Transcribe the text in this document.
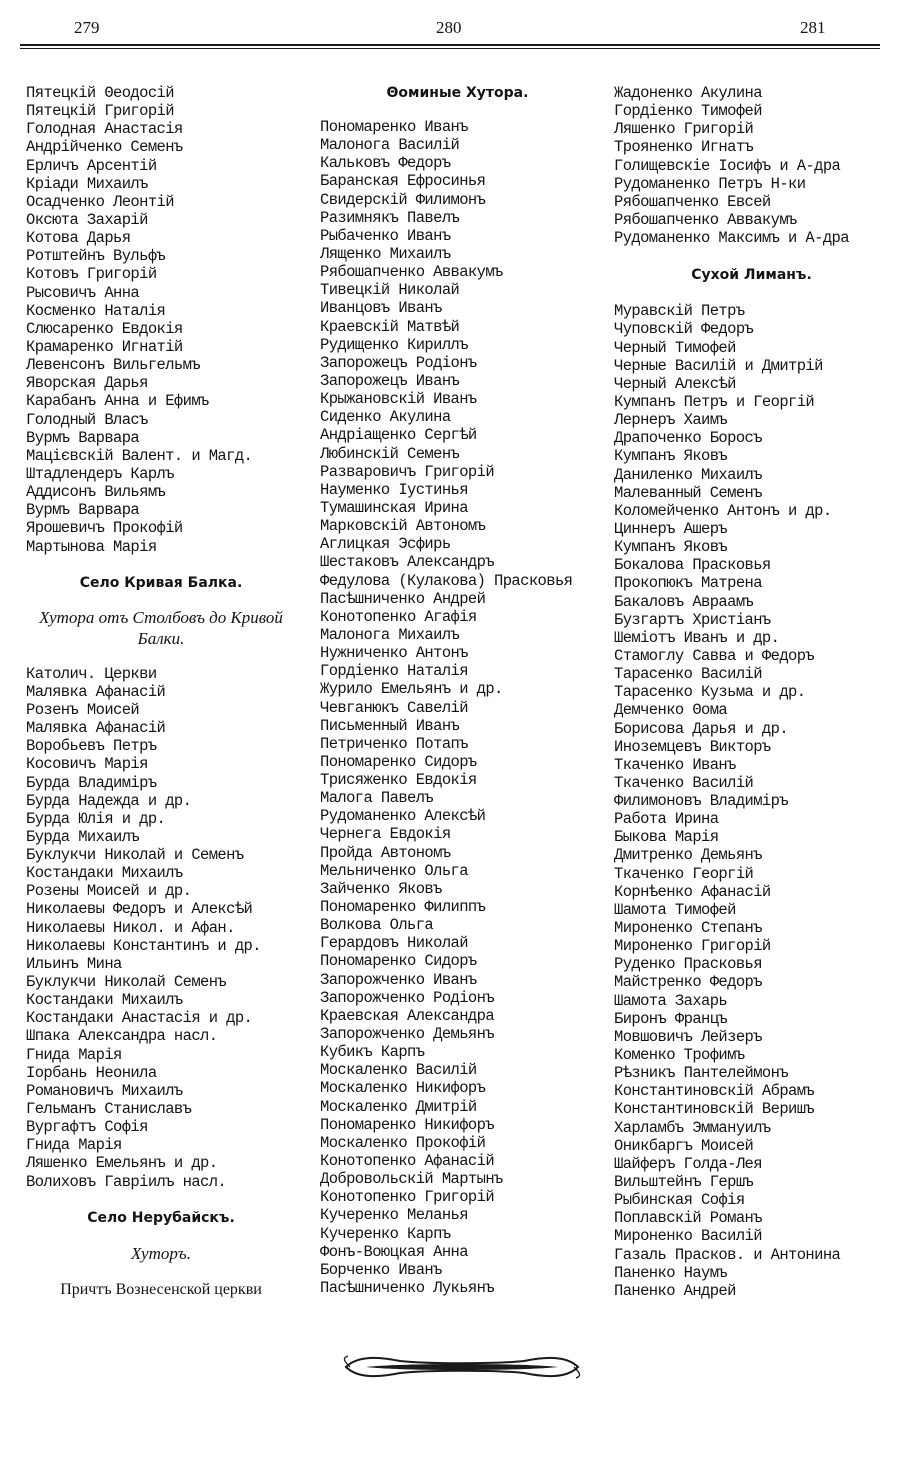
279	280	281
Пятецкій Θеодосій
Пятецкій Григорій
Голодная Анастасія
Андрійченко Семенъ
Ерличъ Арсентій
Кріади Михаилъ
Осадченко Леонтій
Оксюта Захарій
Котова Дарья
Ротштейнъ Вульфъ
Котовъ Григорій
Рысовичъ Анна
Косменко Наталія
Слюсаренко Евдокія
Крамаренко Игнатій
Левенсонъ Вильгельмъ
Яворская Дарья
Карабанъ Анна и Ефимъ
Голодный Власъ
Вурмъ Варвара
Мацієвскій Валент. и Магд.
Штадлендеръ Карлъ
Аддисонъ Вильямъ
Вурмъ Варвара
Ярошевичъ Прокофій
Мартынова Марія
Село Кривая Балка.
Хутора отъ Столбовъ до Кривой Балки.
Католич. Церкви
Малявка Афанасій
Розенъ Моисей
Малявка Афанасій
Воробьевъ Петръ
Косовичъ Марія
Бурда Владиміръ
Бурда Надежда и др.
Бурда Юлія и др.
Бурда Михаилъ
Буклукчи Николай и Семенъ
Костандаки Михаилъ
Розены Моисей и др.
Николаевы Федоръ и Алексѣй
Николаевы Никол. и Афан.
Николаевы Константинъ и др.
Ильинъ Мина
Буклукчи Николай Семенъ
Костандаки Михаилъ
Костандаки Анастасія и др.
Шпака Александра насл.
Гнида Марія
Іорбань Неонила
Романовичъ Михаилъ
Гельманъ Станиславъ
Вургафтъ Софія
Гнида Марія
Ляшенко Емельянъ и др.
Волиховъ Гавріилъ насл.
Село Нерубайскъ.
Хуторъ.
Причтъ Вознесенской церкви
Θоминые Хутора.
Пономаренко Иванъ
Малонога Василій
Кальковъ Федоръ
Баранская Ефросинья
Свидерскій Филимонъ
Разимнякъ Павелъ
Рыбаченко Иванъ
Лященко Михаилъ
Рябошапченко Аввакумъ
Тивецкій Николай
Иванцовъ Иванъ
Краевскій Матвѣй
Рудищенко Кириллъ
Запорожецъ Родіонъ
Запорожецъ Иванъ
Крыжановскій Иванъ
Сиденко Акулина
Андріащенко Сергѣй
Любинскій Семенъ
Разваровичъ Григорій
Науменко Іустинья
Тумашинская Ирина
Марковскій Автономъ
Аглицкая Эсфирь
Шестаковъ Александръ
Федулова (Кулакова) Прасковья
Пасѣшниченко Андрей
Конотопенко Агафія
Малонога Михаилъ
Нужниченко Антонъ
Гордіенко Наталія
Журило Емельянъ и др.
Чевганюкъ Савелій
Письменный Иванъ
Петриченко Потапъ
Пономаренко Сидоръ
Трисяженко Евдокія
Малога Павелъ
Рудоманенко Алексѣй
Чернега Евдокія
Пройда Автономъ
Мельниченко Ольга
Зайченко Яковъ
Пономаренко Филиппъ
Волкова Ольга
Герардовъ Николай
Пономаренко Сидоръ
Запорожченко Иванъ
Запорожченко Родіонъ
Краевская Александра
Запорожченко Демьянъ
Кубикъ Карпъ
Москаленко Василій
Москаленко Никифоръ
Москаленко Дмитрій
Пономаренко Никифоръ
Москаленко Прокофій
Конотопенко Афанасій
Добровольскій Мартынъ
Конотопенко Григорій
Кучеренко Меланья
Кучеренко Карпъ
Фонъ-Воюцкая Анна
Борченко Иванъ
Пасѣшниченко Лукьянъ
Жадоненко Акулина
Гордіенко Тимофей
Ляшенко Григорій
Трояненко Игнатъ
Голищевскіе Іосифъ и А-дра
Рудоманенко Петръ Н-ки
Рябошапченко Евсей
Рябошапченко Аввакумъ
Рудоманенко Максимъ и А-дра
Сухой Лиманъ.
Муравскій Петръ
Чуповскій Федоръ
Черный Тимофей
Черные Василій и Дмитрій
Черный Алексѣй
Кумпанъ Петръ и Георгій
Лернеръ Хаимъ
Драпоченко Боросъ
Кумпанъ Яковъ
Даниленко Михаилъ
Малеванный Семенъ
Коломейченко Антонъ и др.
Циннеръ Ашеръ
Кумпанъ Яковъ
Бокалова Прасковья
Прокопюкъ Матрена
Бакаловъ Авраамъ
Бузгартъ Христіанъ
Шеміотъ Иванъ и др.
Стамоглу Савва и Федоръ
Тарасенко Василій
Тарасенко Кузьма и др.
Демченко Θома
Борисова Дарья и др.
Иноземцевъ Викторъ
Ткаченко Иванъ
Ткаченко Василій
Филимоновъ Владиміръ
Работа Ирина
Быкова Марія
Дмитренко Демьянъ
Ткаченко Георгій
Корнѣенко Афанасій
Шамота Тимофей
Мироненко Степанъ
Мироненко Григорій
Руденко Прасковья
Майстренко Федоръ
Шамота Захарь
Биронъ Францъ
Мовшовичъ Лейзеръ
Коменко Трофимъ
Рѣзникъ Пантелеймонъ
Константиновскій Абрамъ
Константиновскій Веришъ
Харламбъ Эммануилъ
Оникбаргъ Моисей
Шайферъ Голда-Лея
Вильштейнъ Гершъ
Рыбинская Софія
Поплавскій Романъ
Мироненко Василій
Газаль Прасков. и Антонина
Паненко Наумъ
Паненко Андрей
